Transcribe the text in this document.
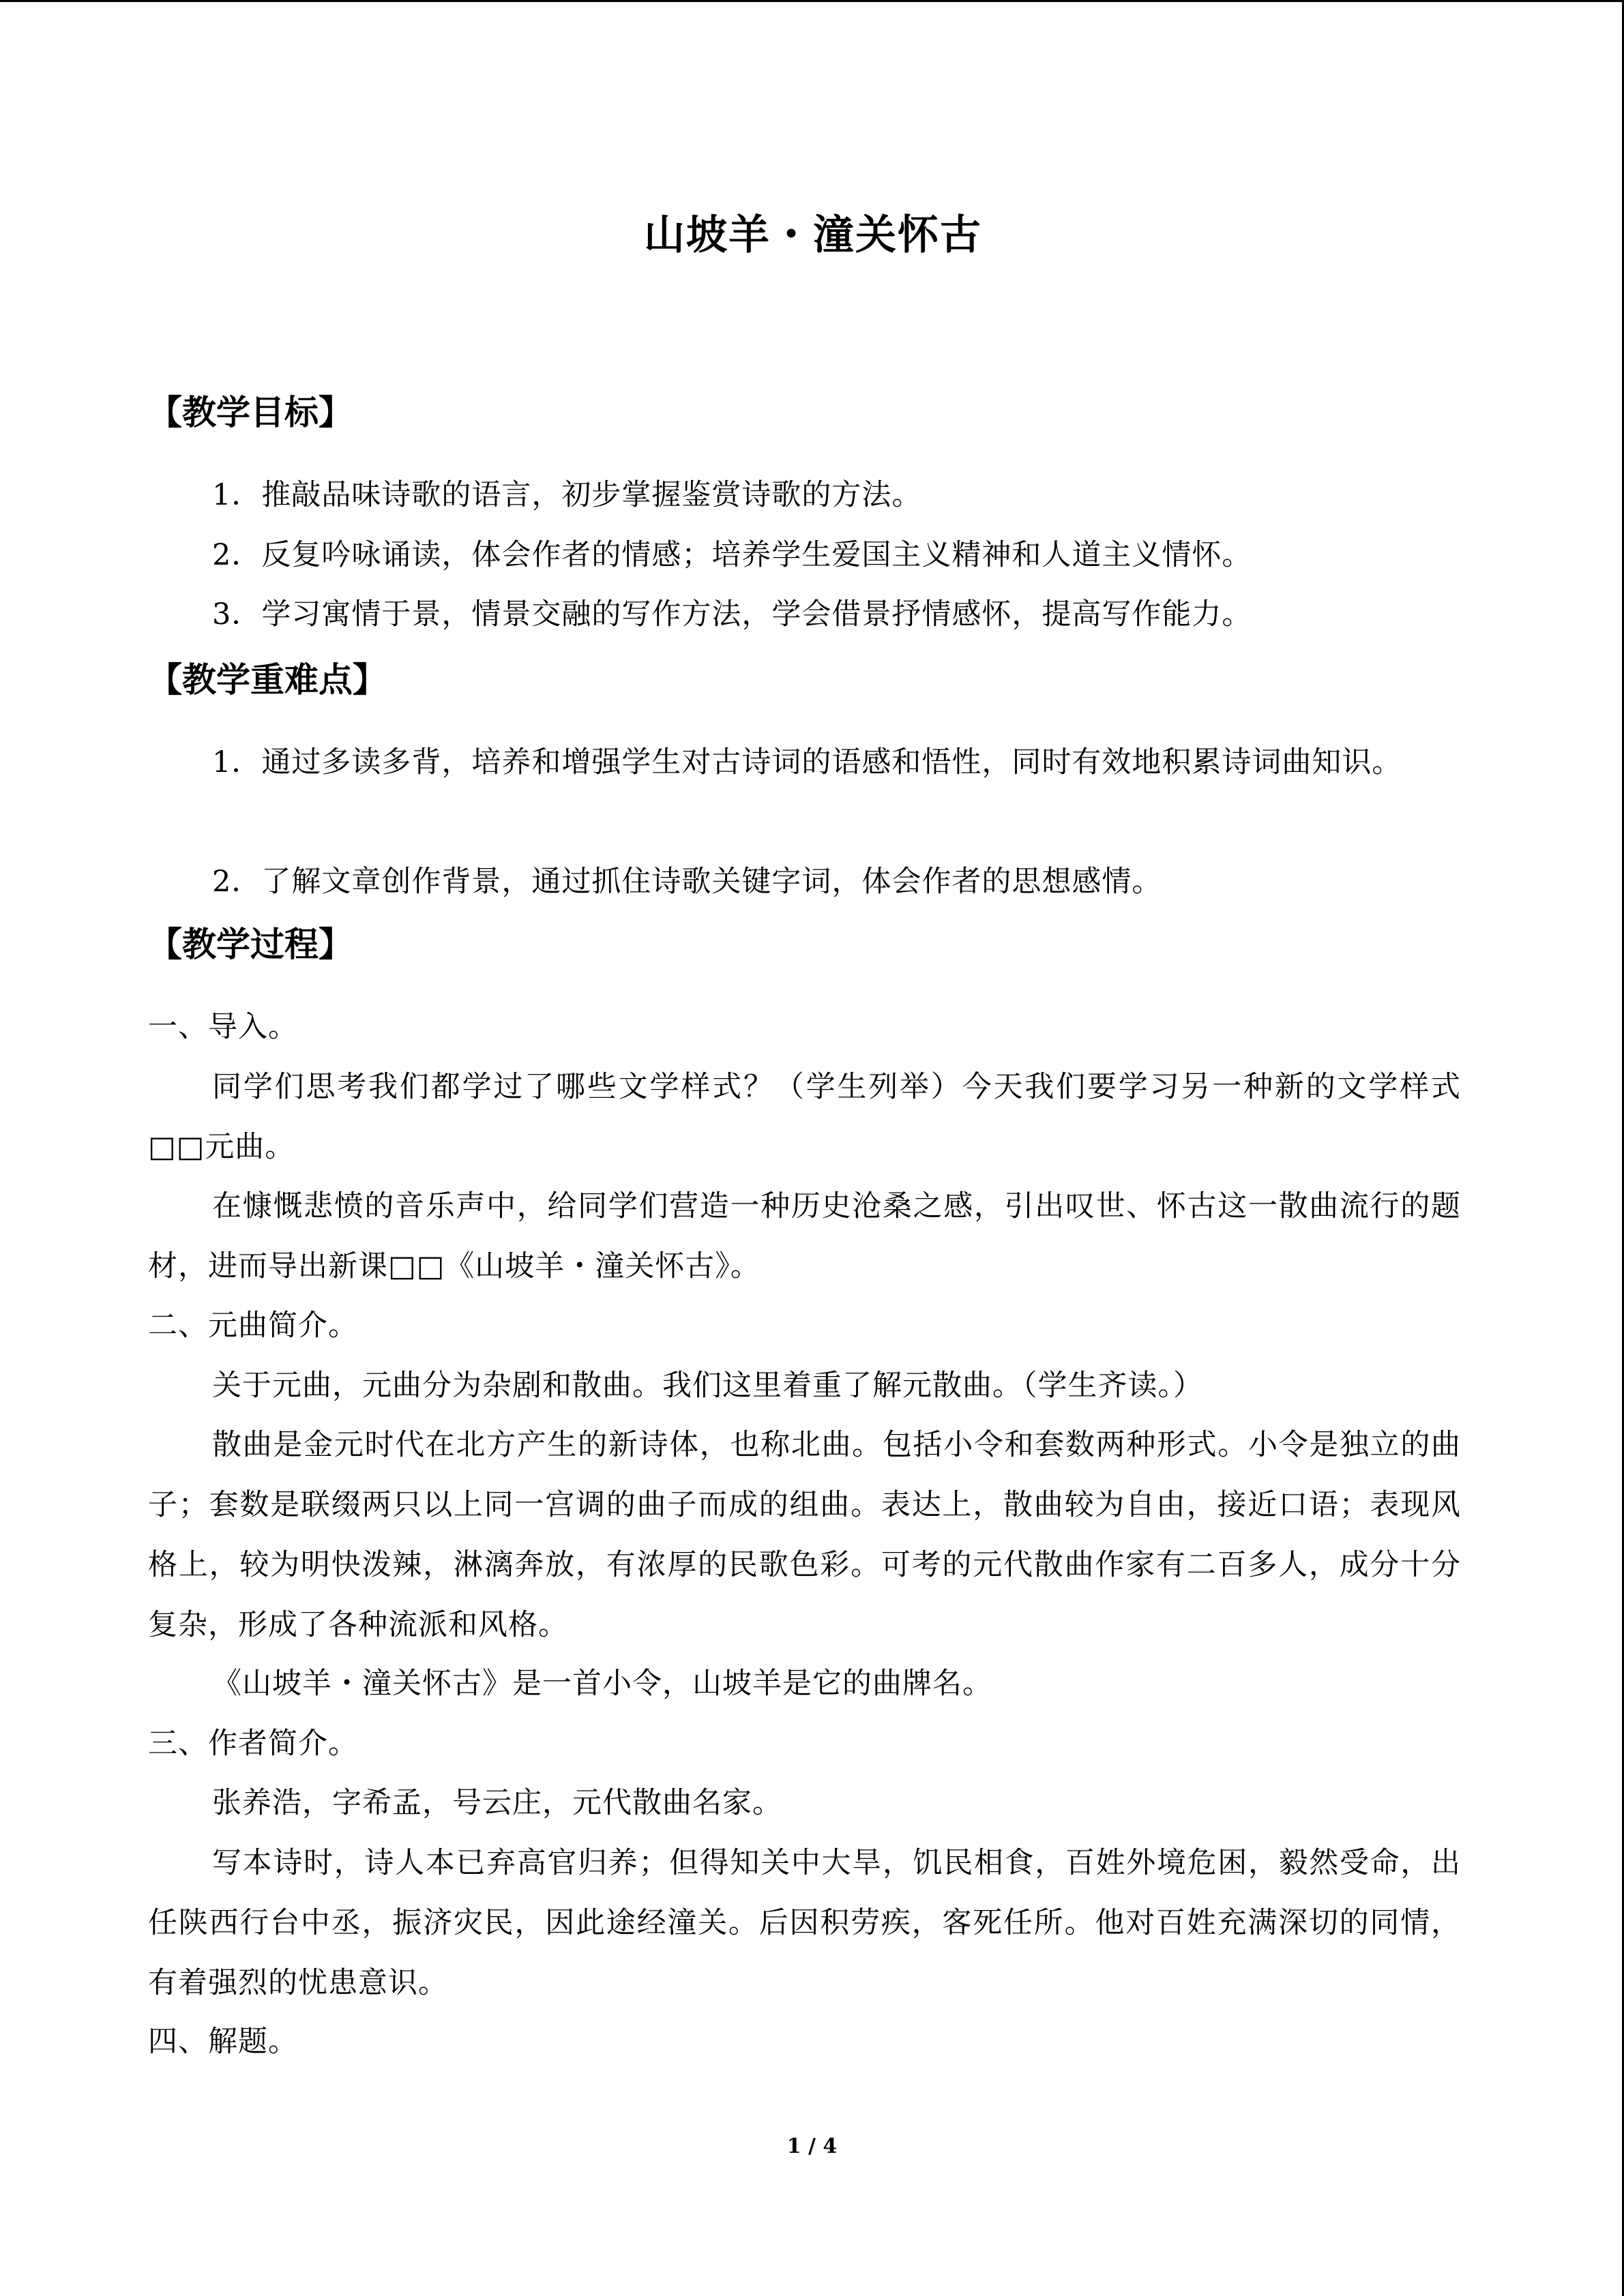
山坡羊・潼关怀古
【教学目标】
1．推敲品味诗歌的语言，初步掌握鉴赏诗歌的方法。
2．反复吟咏诵读，体会作者的情感；培养学生爱国主义精神和人道主义情怀。
3．学习寓情于景，情景交融的写作方法，学会借景抒情感怀，提高写作能力。
【教学重难点】
1．通过多读多背，培养和增强学生对古诗词的语感和悟性，同时有效地积累诗词曲知识。
2．了解文章创作背景，通过抓住诗歌关键字词，体会作者的思想感情。
【教学过程】
一、导入。
同学们思考我们都学过了哪些文学样式？（学生列举）今天我们要学习另一种新的文学样式□□元曲。
在慷慨悲愤的音乐声中，给同学们营造一种历史沧桑之感，引出叹世、怀古这一散曲流行的题材，进而导出新课□□《山坡羊・潼关怀古》。
二、元曲简介。
关于元曲，元曲分为杂剧和散曲。我们这里着重了解元散曲。（学生齐读。）
散曲是金元时代在北方产生的新诗体，也称北曲。包括小令和套数两种形式。小令是独立的曲子；套数是联缀两只以上同一宫调的曲子而成的组曲。表达上，散曲较为自由，接近口语；表现风格上，较为明快泼辣，淋漓奔放，有浓厚的民歌色彩。可考的元代散曲作家有二百多人，成分十分复杂，形成了各种流派和风格。
《山坡羊・潼关怀古》是一首小令，山坡羊是它的曲牌名。
三、作者简介。
张养浩，字希孟，号云庄，元代散曲名家。
写本诗时，诗人本已弃高官归养；但得知关中大旱，饥民相食，百姓外境危困，毅然受命，出任陕西行台中丞，振济灾民，因此途经潼关。后因积劳疾，客死任所。他对百姓充满深切的同情，有着强烈的忧患意识。
四、解题。
1 / 4
